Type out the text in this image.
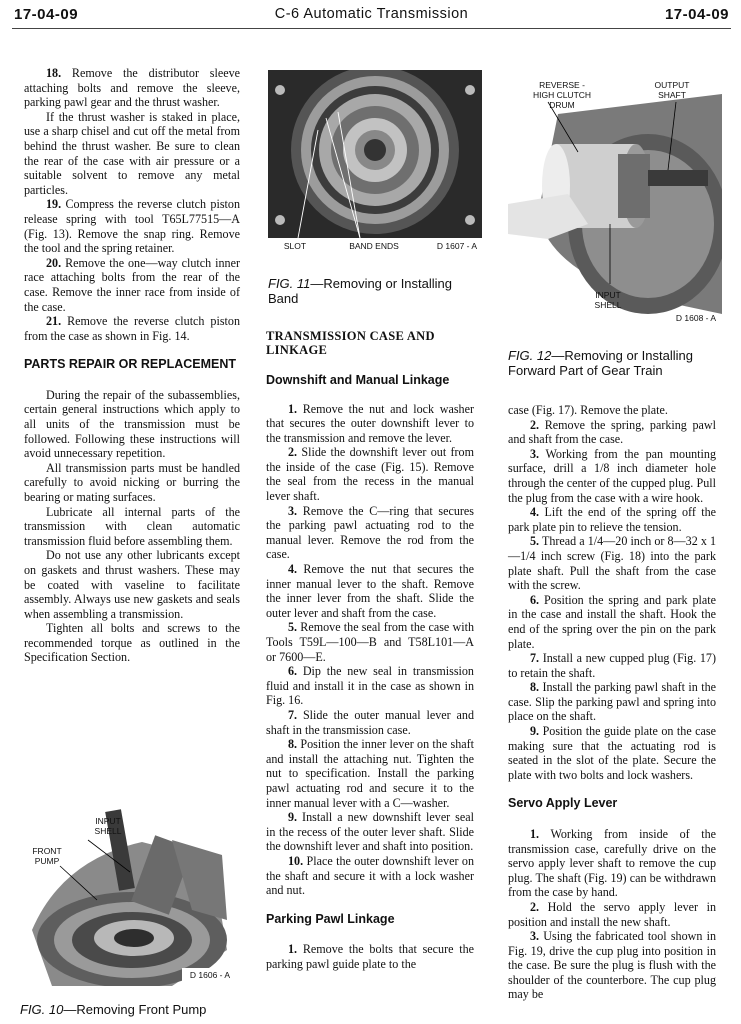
17-04-09	C-6 Automatic Transmission	17-04-09

18. Remove the distributor sleeve attaching bolts and remove the sleeve, parking pawl gear and the thrust washer.

If the thrust washer is staked in place, use a sharp chisel and cut off the metal from behind the thrust washer. Be sure to clean the rear of the case with air pressure or a suitable solvent to remove any metal particles.

19. Compress the reverse clutch piston release spring with tool T65L77515—A (Fig. 13). Remove the snap ring. Remove the tool and the spring retainer.

20. Remove the one—way clutch inner race attaching bolts from the rear of the case. Remove the inner race from inside of the case.

21. Remove the reverse clutch piston from the case as shown in Fig. 14.

PARTS REPAIR OR REPLACEMENT

During the repair of the subassemblies, certain general instructions which apply to all units of the transmission must be followed. Following these instructions will avoid unnecessary repetition.

All transmission parts must be handled carefully to avoid nicking or burring the bearing or mating surfaces.

Lubricate all internal parts of the transmission with clean automatic transmission fluid before assembling them.

Do not use any other lubricants except on gaskets and thrust washers. These may be coated with vaseline to facilitate assembly. Always use new gaskets and seals when assembling a transmission.

Tighten all bolts and screws to the recommended torque as outlined in the Specification Section.

INPUT SHELL
FRONT PUMP
D 1606 - A
FIG. 10—Removing Front Pump
SLOT	BAND ENDS	D 1607 - A
FIG. 11—Removing or Installing Band
TRANSMISSION CASE AND LINKAGE
Downshift and Manual Linkage

1. Remove the nut and lock washer that secures the outer downshift lever to the transmission and remove the lever.

2. Slide the downshift lever out from the inside of the case (Fig. 15). Remove the seal from the recess in the manual lever shaft.

3. Remove the C—ring that secures the parking pawl actuating rod to the manual lever. Remove the rod from the case.

4. Remove the nut that secures the inner manual lever to the shaft. Remove the inner lever from the shaft. Slide the outer lever and shaft from the case.

5. Remove the seal from the case with Tools T59L—100—B and T58L101—A or 7600—E.

6. Dip the new seal in transmission fluid and install it in the case as shown in Fig. 16.

7. Slide the outer manual lever and shaft in the transmission case.

8. Position the inner lever on the shaft and install the attaching nut. Tighten the nut to specification. Install the parking pawl actuating rod and secure it to the inner manual lever with a C—washer.

9. Install a new downshift lever seal in the recess of the outer lever shaft. Slide the downshift lever and shaft into position.

10. Place the outer downshift lever on the shaft and secure it with a lock washer and nut.

Parking Pawl Linkage

1. Remove the bolts that secure the parking pawl guide plate to the

REVERSE - HIGH CLUTCH DRUM
OUTPUT SHAFT
INPUT SHELL
D 1608 - A
FIG. 12—Removing or Installing Forward Part of Gear Train

case (Fig. 17). Remove the plate.

2. Remove the spring, parking pawl and shaft from the case.

3. Working from the pan mounting surface, drill a 1/8 inch diameter hole through the center of the cupped plug. Pull the plug from the case with a wire hook.

4. Lift the end of the spring off the park plate pin to relieve the tension.

5. Thread a 1/4—20 inch or 8—32 x 1—1/4 inch screw (Fig. 18) into the park plate shaft. Pull the shaft from the case with the screw.

6. Position the spring and park plate in the case and install the shaft. Hook the end of the spring over the pin on the park plate.

7. Install a new cupped plug (Fig. 17) to retain the shaft.

8. Install the parking pawl shaft in the case. Slip the parking pawl and spring into place on the shaft.

9. Position the guide plate on the case making sure that the actuating rod is seated in the slot of the plate. Secure the plate with two bolts and lock washers.

Servo Apply Lever

1. Working from inside of the transmission case, carefully drive on the servo apply lever shaft to remove the cup plug. The shaft (Fig. 19) can be withdrawn from the case by hand.

2. Hold the servo apply lever in position and install the new shaft.

3. Using the fabricated tool shown in Fig. 19, drive the cup plug into position in the case. Be sure the plug is flush with the shoulder of the counterbore. The cup plug may be
